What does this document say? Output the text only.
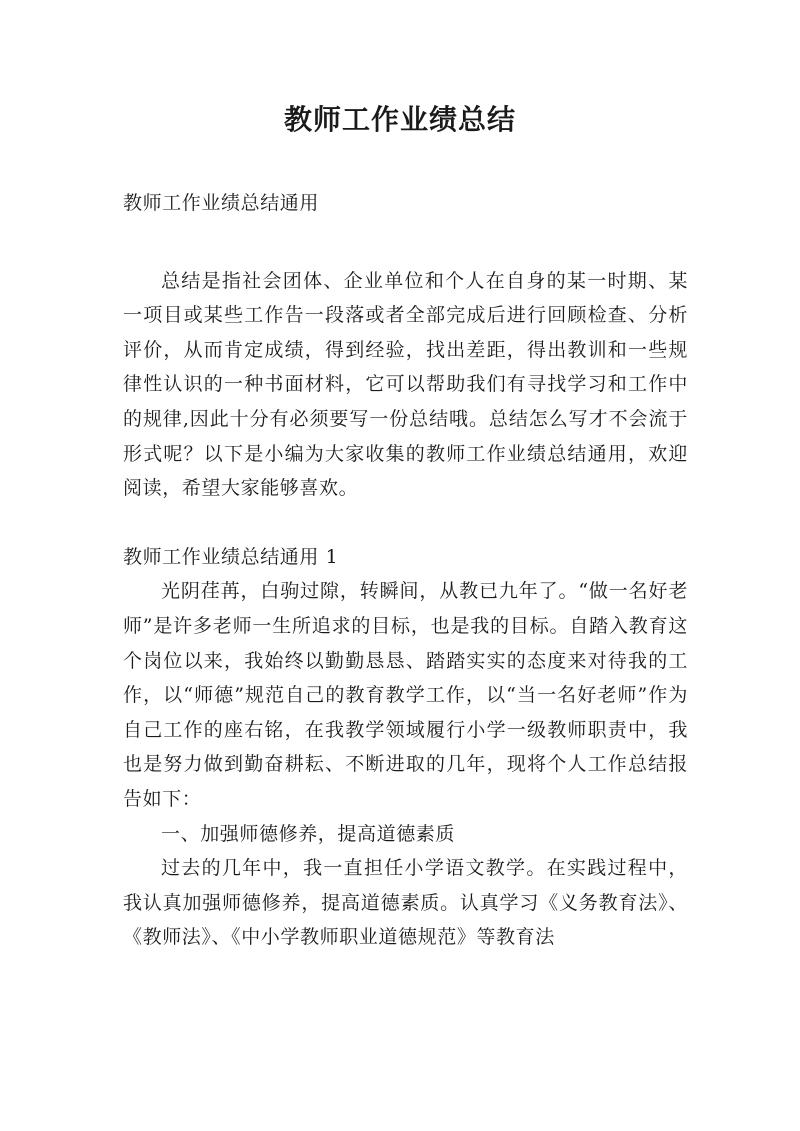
教师工作业绩总结

教师工作业绩总结通用

总结是指社会团体、企业单位和个人在自身的某一时期、某一项目或某些工作告一段落或者全部完成后进行回顾检查、分析评价，从而肯定成绩，得到经验，找出差距，得出教训和一些规律性认识的一种书面材料，它可以帮助我们有寻找学习和工作中的规律,因此十分有必须要写一份总结哦。总结怎么写才不会流于形式呢？以下是小编为大家收集的教师工作业绩总结通用，欢迎阅读，希望大家能够喜欢。

教师工作业绩总结通用 1

光阴荏苒，白驹过隙，转瞬间，从教已九年了。“做一名好老师”是许多老师一生所追求的目标，也是我的目标。自踏入教育这个岗位以来，我始终以勤勤恳恳、踏踏实实的态度来对待我的工作，以“师德”规范自己的教育教学工作，以“当一名好老师”作为自己工作的座右铭，在我教学领域履行小学一级教师职责中，我也是努力做到勤奋耕耘、不断进取的几年，现将个人工作总结报告如下：

一、加强师德修养，提高道德素质

过去的几年中，我一直担任小学语文教学。在实践过程中，我认真加强师德修养，提高道德素质。认真学习《义务教育法》、《教师法》、《中小学教师职业道德规范》等教育法
